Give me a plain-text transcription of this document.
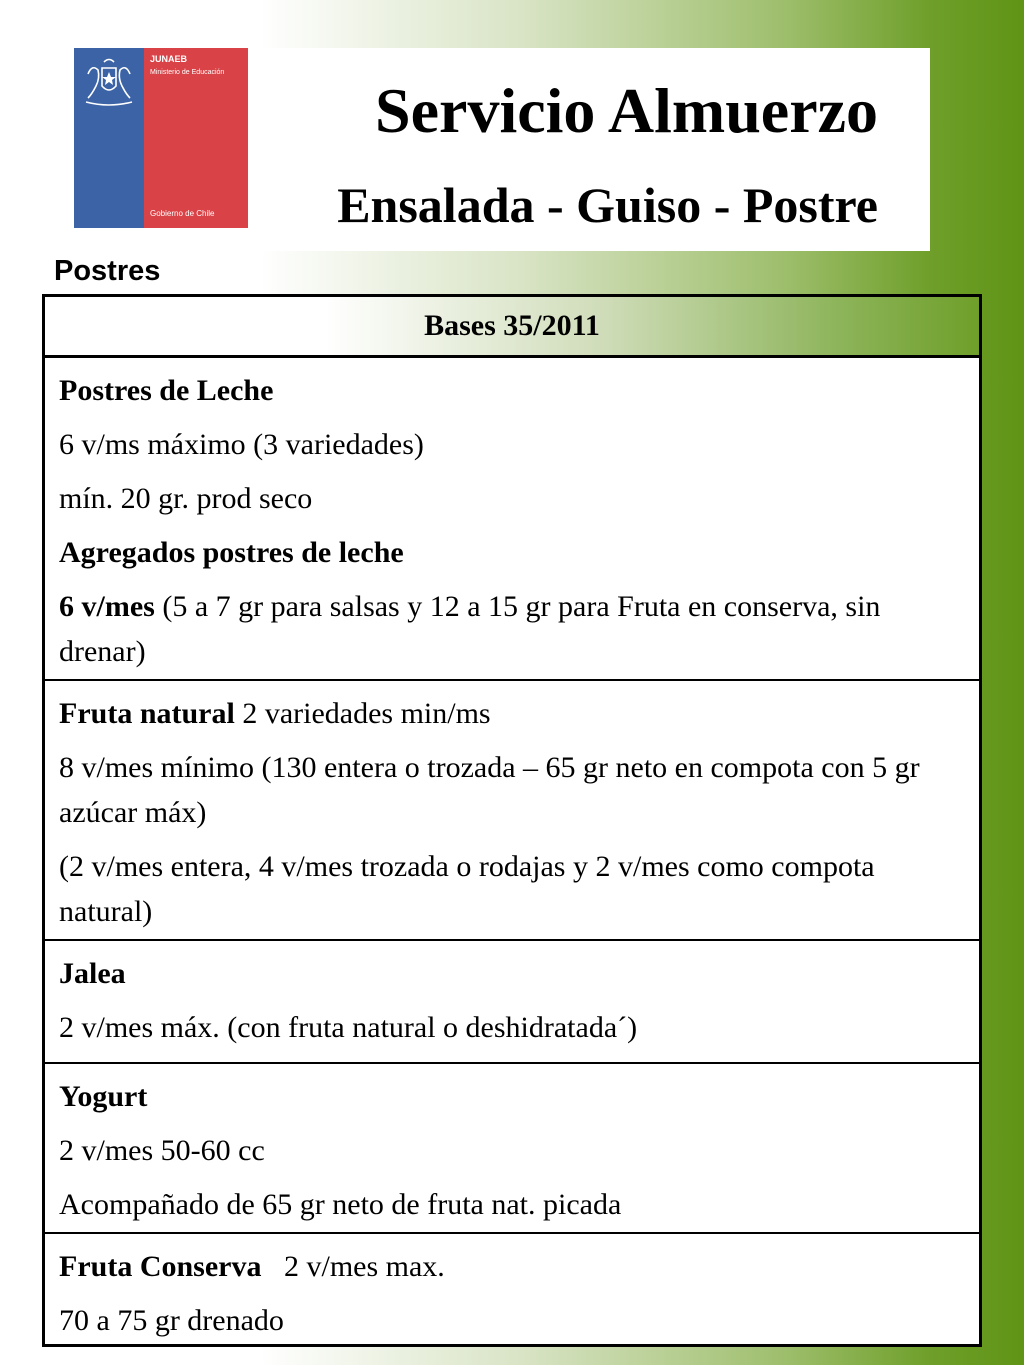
JUNAEB
Ministerio de Educación
Gobierno de Chile
Servicio Almuerzo
Ensalada - Guiso - Postre
Postres
Bases 35/2011

Postres de Leche

6 v/ms máximo (3 variedades)

mín. 20 gr. prod seco

Agregados postres de leche

6 v/mes (5 a 7 gr para salsas y 12 a 15 gr para Fruta en conserva, sin drenar)

Fruta natural 2 variedades min/ms

8 v/mes mínimo (130 entera o trozada – 65 gr neto en compota con 5 gr azúcar máx)

(2 v/mes entera, 4 v/mes trozada o rodajas y 2 v/mes como compota natural)

Jalea

2 v/mes máx. (con fruta natural o deshidratada´)

Yogurt

2 v/mes 50-60 cc

Acompañado de 65 gr neto de fruta nat. picada

Fruta Conserva   2 v/mes max.

70 a 75 gr drenado
